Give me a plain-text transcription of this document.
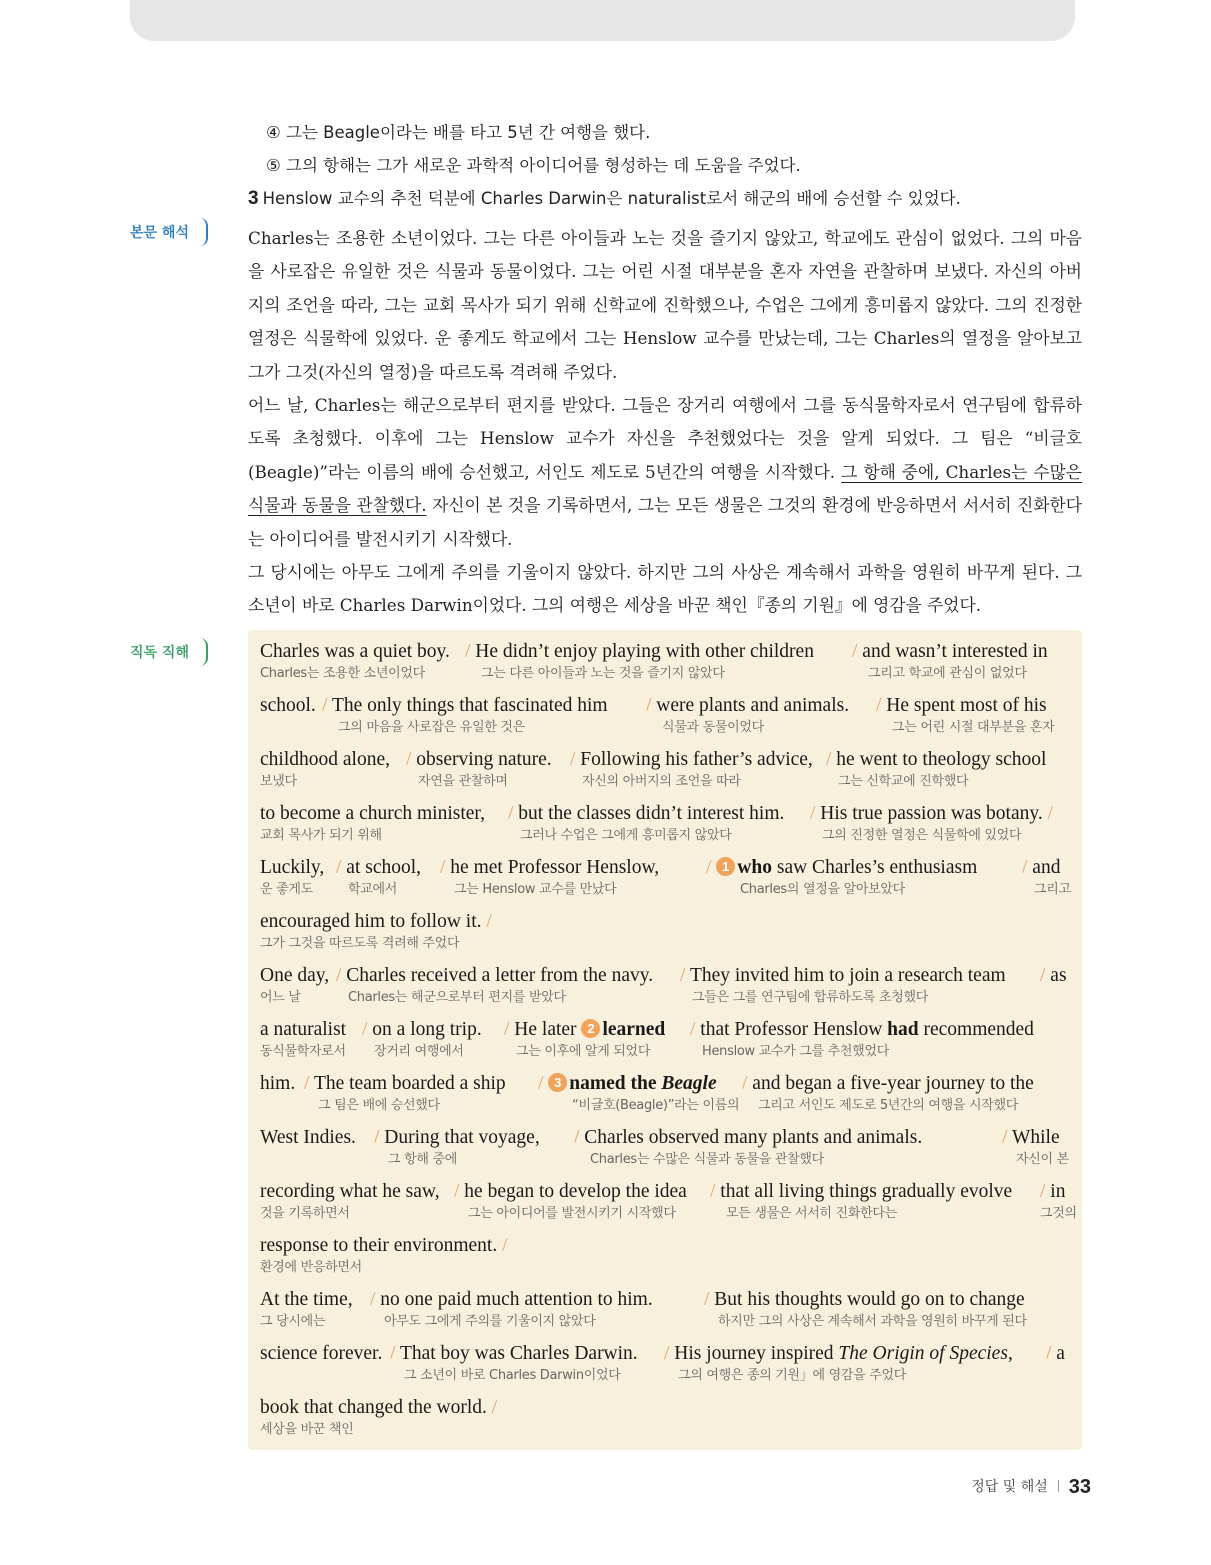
④ 그는 Beagle이라는 배를 타고 5년 간 여행을 했다.
⑤ 그의 항해는 그가 새로운 과학적 아이디어를 형성하는 데 도움을 주었다.
3 Henslow 교수의 추천 덕분에 Charles Darwin은 naturalist로서 해군의 배에 승선할 수 있었다.
본문 해석
직독 직해

Charles는 조용한 소년이었다. 그는 다른 아이들과 노는 것을 즐기지 않았고, 학교에도 관심이 없었다. 그의 마음을 사로잡은 유일한 것은 식물과 동물이었다. 그는 어린 시절 대부분을 혼자 자연을 관찰하며 보냈다. 자신의 아버지의 조언을 따라, 그는 교회 목사가 되기 위해 신학교에 진학했으나, 수업은 그에게 흥미롭지 않았다. 그의 진정한 열정은 식물학에 있었다. 운 좋게도 학교에서 그는 Henslow 교수를 만났는데, 그는 Charles의 열정을 알아보고 그가 그것(자신의 열정)을 따르도록 격려해 주었다.

어느 날, Charles는 해군으로부터 편지를 받았다. 그들은 장거리 여행에서 그를 동식물학자로서 연구팀에 합류하도록 초청했다. 이후에 그는 Henslow 교수가 자신을 추천했었다는 것을 알게 되었다. 그 팀은 “비글호(Beagle)”라는 이름의 배에 승선했고, 서인도 제도로 5년간의 여행을 시작했다. 그 항해 중에, Charles는 수많은 식물과 동물을 관찰했다. 자신이 본 것을 기록하면서, 그는 모든 생물은 그것의 환경에 반응하면서 서서히 진화한다는 아이디어를 발전시키기 시작했다.

그 당시에는 아무도 그에게 주의를 기울이지 않았다. 하지만 그의 사상은 계속해서 과학을 영원히 바꾸게 된다. 그 소년이 바로 Charles Darwin이었다. 그의 여행은 세상을 바꾼 책인『종의 기원』에 영감을 주었다.

Charles was a quiet boy.
Charles는 조용한 소년이었다
/ He didn’t enjoy playing with other children
그는 다른 아이들과 노는 것을 즐기지 않았다
/ and wasn’t interested in
그리고 학교에 관심이 없었다
school. / The only things that fascinated him
그의 마음을 사로잡은 유일한 것은
/ were plants and animals.
식물과 동물이었다
/ He spent most of his
그는 어린 시절 대부분을 혼자
childhood alone,
보냈다
/ observing nature.
자연을 관찰하며
/ Following his father’s advice,
자신의 아버지의 조언을 따라
/ he went to theology school
그는 신학교에 진학했다
to become a church minister,
교회 목사가 되기 위해
/ but the classes didn’t interest him.
그러나 수업은 그에게 흥미롭지 않았다
/ His true passion was botany. /
그의 진정한 열정은 식물학에 있었다
Luckily,
운 좋게도
/ at school,
학교에서
/ he met Professor Henslow,
그는 Henslow 교수를 만났다
/ 1 who saw Charles’s enthusiasm
Charles의 열정을 알아보았다
/ and
그리고
encouraged him to follow it. /
그가 그것을 따르도록 격려해 주었다
One day,
어느 날
/ Charles received a letter from the navy.
Charles는 해군으로부터 편지를 받았다
/ They invited him to join a research team
그들은 그를 연구팀에 합류하도록 초청했다
/ as
a naturalist
동식물학자로서
/ on a long trip.
장거리 여행에서
/ He later 2 learned
그는 이후에 알게 되었다
/ that Professor Henslow had recommended
Henslow 교수가 그를 추천했었다
him. / The team boarded a ship
그 팀은 배에 승선했다
/ 3 named the Beagle
“비글호(Beagle)”라는 이름의
/ and began a five-year journey to the
그리고 서인도 제도로 5년간의 여행을 시작했다
West Indies. / During that voyage,
그 항해 중에
/ Charles observed many plants and animals.
Charles는 수많은 식물과 동물을 관찰했다
/ While
자신이 본
recording what he saw,
것을 기록하면서
/ he began to develop the idea
그는 아이디어를 발전시키기 시작했다
/ that all living things gradually evolve
모든 생물은 서서히 진화한다는
/ in
그것의
response to their environment. /
환경에 반응하면서
At the time,
그 당시에는
/ no one paid much attention to him.
아무도 그에게 주의를 기울이지 않았다
/ But his thoughts would go on to change
하지만 그의 사상은 계속해서 과학을 영원히 바꾸게 된다
science forever. / That boy was Charles Darwin.
그 소년이 바로 Charles Darwin이었다
/ His journey inspired The Origin of Species,
그의 여행은 종의 기원」에 영감을 주었다
/ a
book that changed the world. /
세상을 바꾼 책인
정답 및 해설 33
